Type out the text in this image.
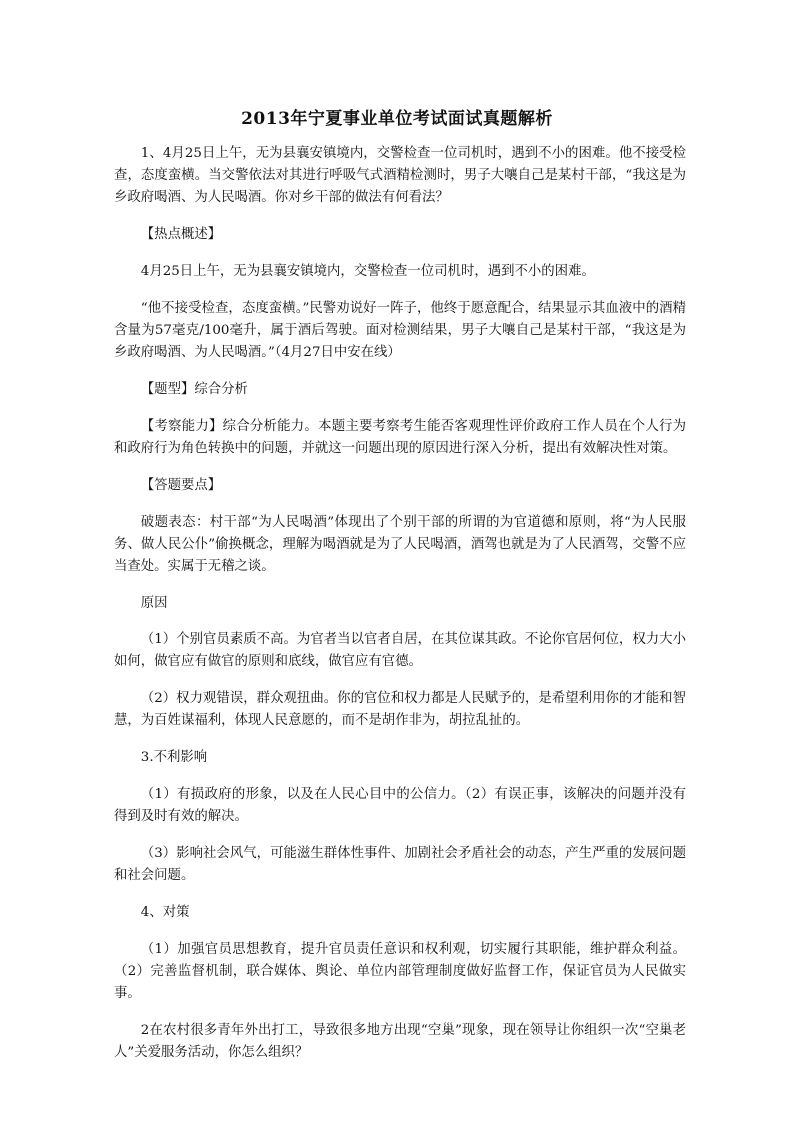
2013年宁夏事业单位考试面试真题解析

1、4月25日上午，无为县襄安镇境内，交警检查一位司机时，遇到不小的困难。他不接受检查，态度蛮横。当交警依法对其进行呼吸气式酒精检测时，男子大嚷自己是某村干部，“我这是为乡政府喝酒、为人民喝酒。你对乡干部的做法有何看法？

【热点概述】

4月25日上午，无为县襄安镇境内，交警检查一位司机时，遇到不小的困难。

“他不接受检查，态度蛮横。”民警劝说好一阵子，他终于愿意配合，结果显示其血液中的酒精含量为57毫克/100毫升，属于酒后驾驶。面对检测结果，男子大嚷自己是某村干部，“我这是为乡政府喝酒、为人民喝酒。”（4月27日中安在线）

【题型】综合分析

【考察能力】综合分析能力。本题主要考察考生能否客观理性评价政府工作人员在个人行为和政府行为角色转换中的问题，并就这一问题出现的原因进行深入分析，提出有效解决性对策。

【答题要点】

破题表态：村干部“为人民喝酒”体现出了个别干部的所谓的为官道德和原则，将“为人民服务、做人民公仆”偷换概念，理解为喝酒就是为了人民喝酒，酒驾也就是为了人民酒驾，交警不应当查处。实属于无稽之谈。

原因

（1）个别官员素质不高。为官者当以官者自居，在其位谋其政。不论你官居何位，权力大小如何，做官应有做官的原则和底线，做官应有官德。

（2）权力观错误，群众观扭曲。你的官位和权力都是人民赋予的，是希望利用你的才能和智慧，为百姓谋福利，体现人民意愿的，而不是胡作非为，胡拉乱扯的。

3.不利影响

（1）有损政府的形象，以及在人民心目中的公信力。（2）有误正事，该解决的问题并没有得到及时有效的解决。

（3）影响社会风气，可能滋生群体性事件、加剧社会矛盾社会的动态，产生严重的发展问题和社会问题。

4、对策

（1）加强官员思想教育，提升官员责任意识和权利观，切实履行其职能，维护群众利益。（2）完善监督机制，联合媒体、舆论、单位内部管理制度做好监督工作，保证官员为人民做实事。

2在农村很多青年外出打工，导致很多地方出现“空巢”现象，现在领导让你组织一次“空巢老人”关爱服务活动，你怎么组织？
